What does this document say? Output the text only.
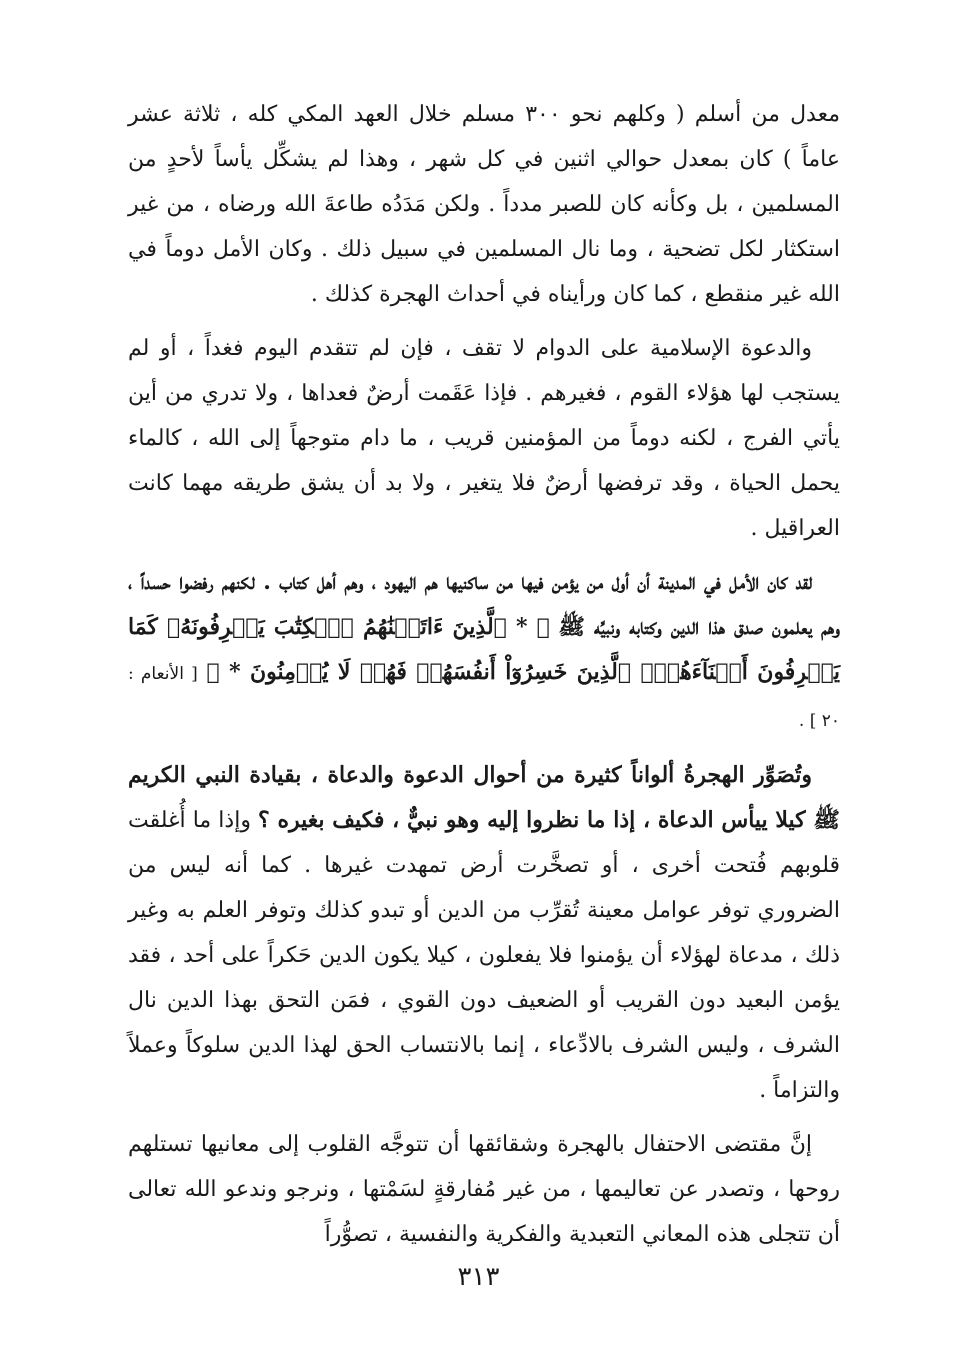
معدل من أسلم ( وكلهم نحو ٣٠٠ مسلم خلال العهد المكي كله ، ثلاثة عشر عاماً ) كان بمعدل حوالي اثنين في كل شهر ، وهذا لم يشكِّل يأساً لأحدٍ من المسلمين ، بل وكأنه كان للصبر مدداً . ولكن مَدَدُه طاعةَ الله ورضاه ، من غير استكثار لكل تضحية ، وما نال المسلمين في سبيل ذلك . وكان الأمل دوماً في الله غير منقطع ، كما كان ورأيناه في أحداث الهجرة كذلك .

والدعوة الإسلامية على الدوام لا تقف ، فإن لم تتقدم اليوم فغداً ، أو لم يستجب لها هؤلاء القوم ، فغيرهم . فإذا عَقَمت أرضٌ فعداها ، ولا تدري من أين يأتي الفرج ، لكنه دوماً من المؤمنين قريب ، ما دام متوجهاً إلى الله ، كالماء يحمل الحياة ، وقد ترفضها أرضٌ فلا يتغير ، ولا بد أن يشق طريقه مهما كانت العراقيل .

لقد كان الأمل في المدينة أن أول من يؤمن فيها من ساكنيها هم اليهود ، وهم أهل كتاب . لكنهم رفضوا حسداً ، وهم يعلمون صدق هذا الدين وكتابه ونبيِّه ﷺ ﴿ * ٱلَّذِينَ ءَاتَيۡنَٰهُمُ ٱلۡكِتَٰبَ يَعۡرِفُونَهُۥ كَمَا يَعۡرِفُونَ أَبۡنَآءَهُمُۘ ٱلَّذِينَ خَسِرُوٓاْ أَنفُسَهُمۡ فَهُمۡ لَا يُؤۡمِنُونَ * ﴾ [ الأنعام : ٢٠ ] .

وتُصَوِّر الهجرةُ ألواناً كثيرة من أحوال الدعوة والدعاة ، بقيادة النبي الكريم ﷺ كيلا ييأس الدعاة ، إذا ما نظروا إليه وهو نبيٌّ ، فكيف بغيره ؟ وإذا ما أُغلقت قلوبهم فُتحت أخرى ، أو تصخَّرت أرض تمهدت غيرها . كما أنه ليس من الضروري توفر عوامل معينة تُقرِّب من الدين أو تبدو كذلك وتوفر العلم به وغير ذلك ، مدعاة لهؤلاء أن يؤمنوا فلا يفعلون ، كيلا يكون الدين حَكراً على أحد ، فقد يؤمن البعيد دون القريب أو الضعيف دون القوي ، فمَن التحق بهذا الدين نال الشرف ، وليس الشرف بالادِّعاء ، إنما بالانتساب الحق لهذا الدين سلوكاً وعملاً والتزاماً .

إنَّ مقتضى الاحتفال بالهجرة وشقائقها أن تتوجَّه القلوب إلى معانيها تستلهم روحها ، وتصدر عن تعاليمها ، من غير مُفارقةٍ لسَمْتها ، ونرجو وندعو الله تعالى أن تتجلى هذه المعاني التعبدية والفكرية والنفسية ، تصوُّراً

٣١٣
